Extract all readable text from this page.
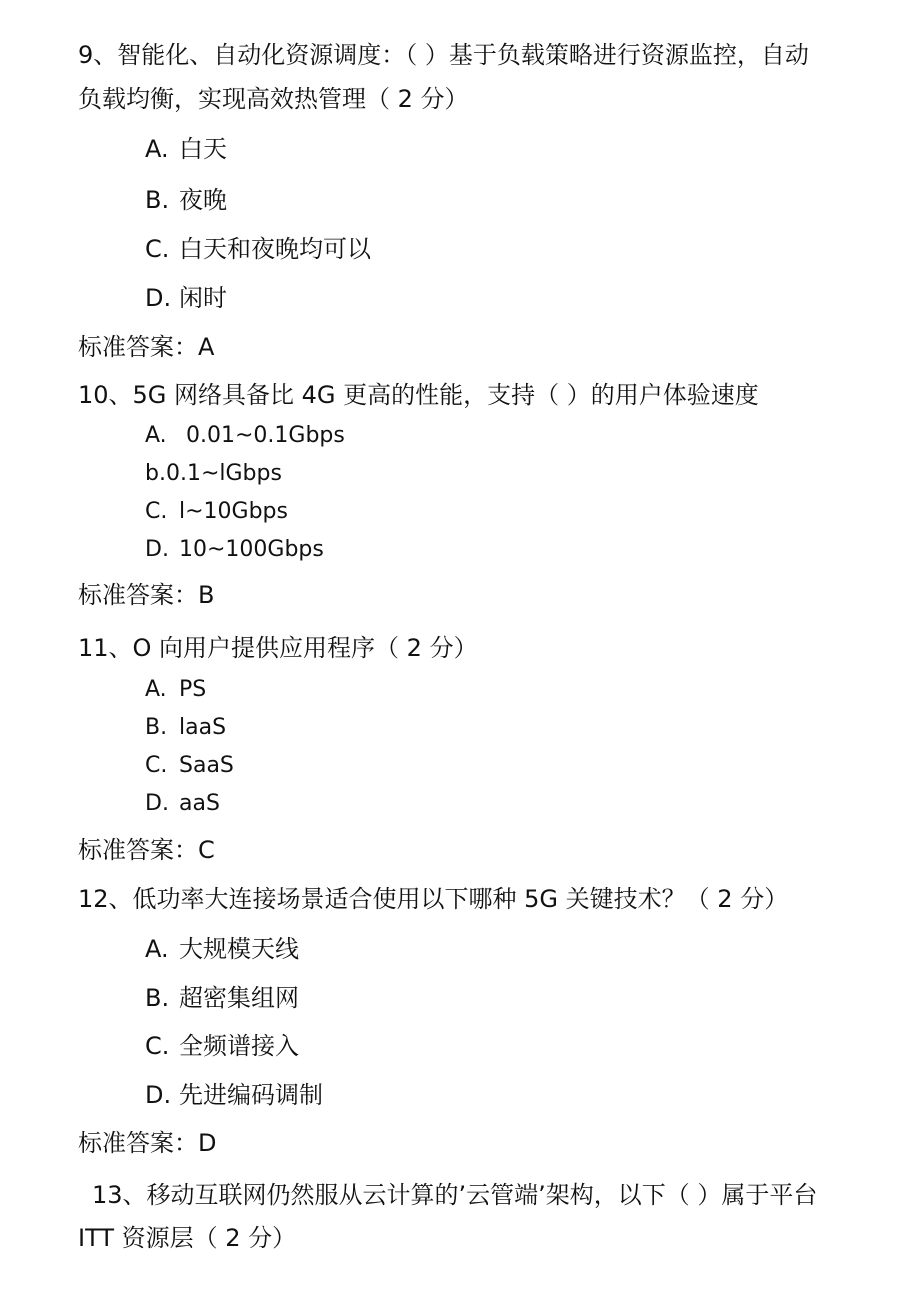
9、智能化、自动化资源调度：（ ）基于负载策略进行资源监控，自动
负载均衡，实现高效热管理（ 2 分）
A. 白天
B. 夜晚
C. 白天和夜晚均可以
D. 闲时
标准答案：A
10、5G 网络具备比 4G 更高的性能，支持（ ）的用户体验速度
A. 0.01~0.1Gbps
b.0.1~lGbps
C. l~10Gbps
D. 10~100Gbps
标准答案：B
11、O 向用户提供应用程序（ 2 分）
A. PS
B. laaS
C. SaaS
D. aaS
标准答案：C
12、低功率大连接场景适合使用以下哪种 5G 关键技术？（ 2 分）
A. 大规模天线
B. 超密集组网
C. 全频谱接入
D. 先进编码调制
标准答案：D
13、移动互联网仍然服从云计算的’云管端’架构，以下（ ）属于平台
ITT 资源层（ 2 分）
